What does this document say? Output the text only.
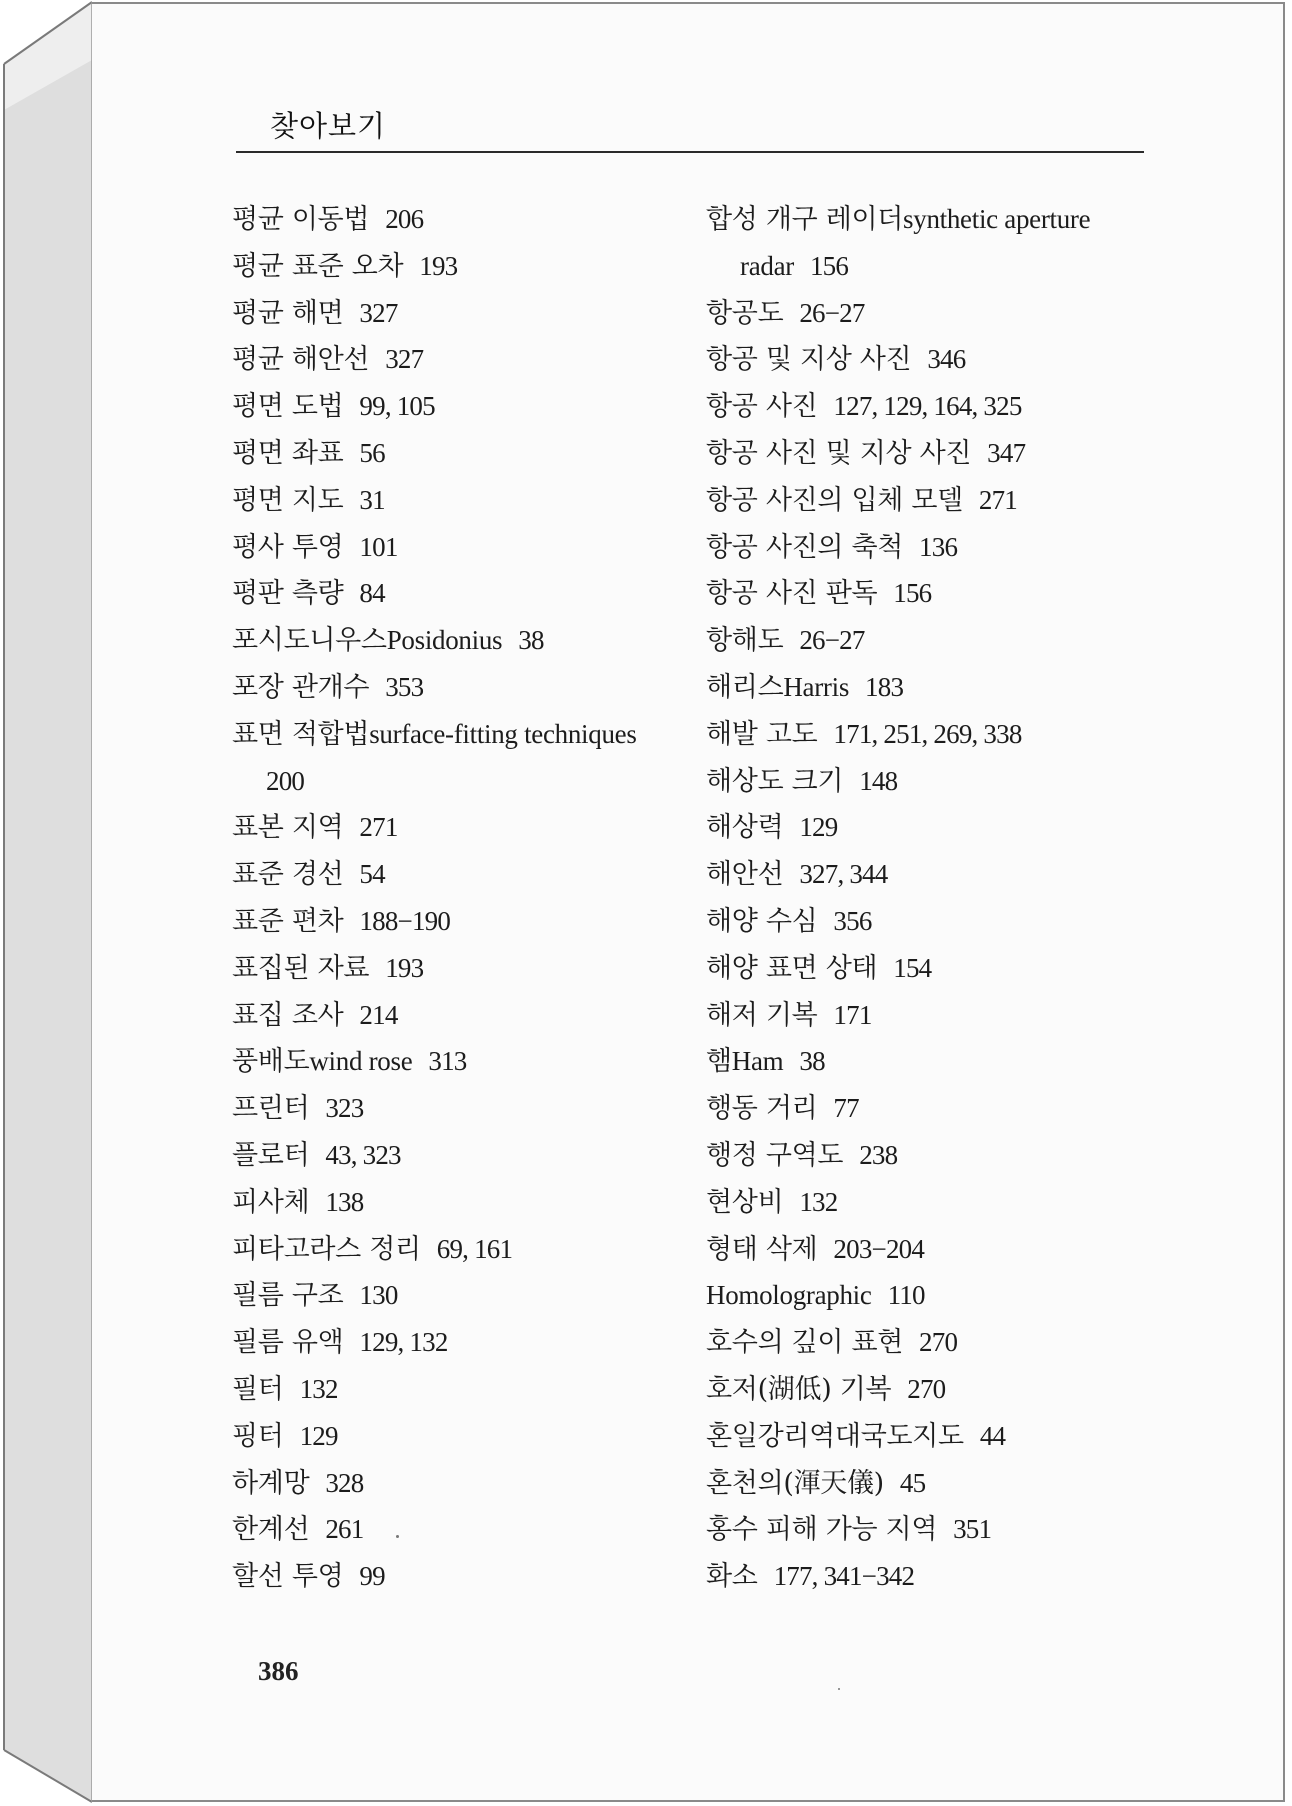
찾아보기
평균 이동법 206
평균 표준 오차 193
평균 해면 327
평균 해안선 327
평면 도법 99, 105
평면 좌표 56
평면 지도 31
평사 투영 101
평판 측량 84
포시도니우스Posidonius 38
포장 관개수 353
표면 적합법surface-fitting techniques
200
표본 지역 271
표준 경선 54
표준 편차 188−190
표집된 자료 193
표집 조사 214
풍배도wind rose 313
프린터 323
플로터 43, 323
피사체 138
피타고라스 정리 69, 161
필름 구조 130
필름 유액 129, 132
필터 132
핑터 129
하계망 328
한계선 261
할선 투영 99
합성 개구 레이더synthetic aperture
radar 156
항공도 26−27
항공 및 지상 사진 346
항공 사진 127, 129, 164, 325
항공 사진 및 지상 사진 347
항공 사진의 입체 모델 271
항공 사진의 축척 136
항공 사진 판독 156
항해도 26−27
해리스Harris 183
해발 고도 171, 251, 269, 338
해상도 크기 148
해상력 129
해안선 327, 344
해양 수심 356
해양 표면 상태 154
해저 기복 171
햄Ham 38
행동 거리 77
행정 구역도 238
현상비 132
형태 삭제 203−204
Homolographic 110
호수의 깊이 표현 270
호저(湖低) 기복 270
혼일강리역대국도지도 44
혼천의(渾天儀) 45
홍수 피해 가능 지역 351
화소 177, 341−342
386
